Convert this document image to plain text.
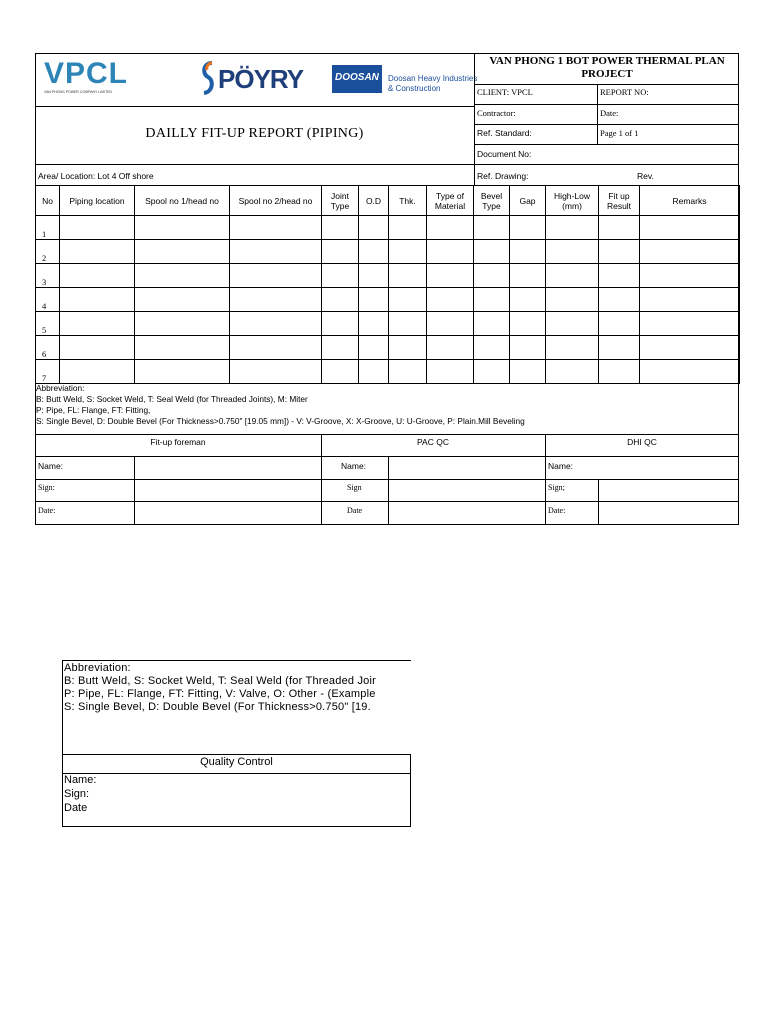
VPCL
VAN PHONG POWER COMPANY LIMITED	PÖYRY	DOOSAN Doosan Heavy Industries
& Construction
VAN PHONG 1 BOT POWER THERMAL PLAN PROJECT
DAILLY FIT-UP REPORT (PIPING)
CLIENT: VPCL	REPORT NO:
Contractor:	Date:
Ref. Standard:	Page 1 of 1
Document No:
Area/ Location: Lot 4 Off shore	Ref. Drawing:	Rev.
No	Piping location	Spool no 1/head no	Spool no 2/head no	Joint Type	O.D	Thk.	Type of Material	Bevel Type	Gap	High-Low (mm)	Fit up Result	Remarks
1												
2												
3												
4												
5												
6												
7												
Abbreviation:
B: Butt Weld, S: Socket Weld, T: Seal Weld (for Threaded Joints), M: Miter
P: Pipe, FL: Flange, FT: Fitting,
S: Single Bevel, D: Double Bevel (For Thickness>0.750" [19.05 mm]) - V: V-Groove, X: X-Groove, U: U-Groove, P: Plain.Mill Beveling
Fit-up foreman	PAC QC	DHI QC
Name:	Name:	Name:
Sign:	Sign	Sign;
Date:	Date	Date:
Abbreviation:
B: Butt Weld, S: Socket Weld, T: Seal Weld (for Threaded Joir
P: Pipe, FL: Flange, FT: Fitting, V: Valve, O: Other - (Example
S: Single Bevel, D: Double Bevel (For Thickness>0.750" [19.
Quality Control
Name:
Sign:
Date
